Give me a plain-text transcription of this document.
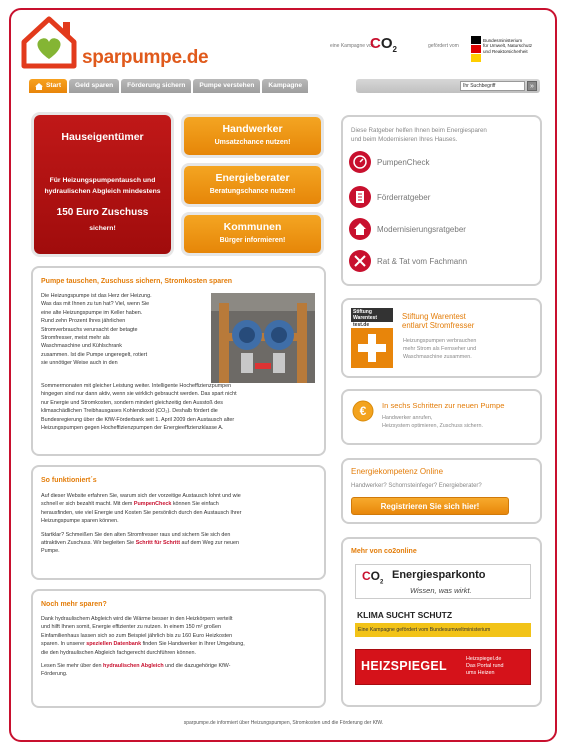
sparpumpe.de
eine Kampagne von
$CO_2$	gefördert vom
Bundesministerium
für Umwelt, Naturschutz
und Reaktorsicherheit
Start	Geld sparen	Förderung sichern	Pumpe verstehen	Kampagne
Ihr Suchbegriff	»
Hauseigentümer
Für Heizungspumpentausch und hydraulischen Abgleich mindestens
150 Euro Zuschuss
sichern!
Handwerker
Umsatzchance nutzen!
Energieberater
Beratungschance nutzen!
Kommunen
Bürger informieren!
Pumpe tauschen, Zuschuss sichern, Stromkosten sparen
Die Heizungspumpe ist das Herz der Heizung.
Was das mit Ihnen zu tun hat? Viel, wenn Sie
eine alte Heizungspumpe im Keller haben.
Rund zehn Prozent Ihres jährlichen
Stromverbrauchs verursacht der betagte
Stromfresser, meist mehr als
Waschmaschine und Kühlschrank
zusammen. Ist die Pumpe ungeregelt, rotiert
sie unnötiger Weise auch in den
Sommermonaten mit gleicher Leistung weiter. Intelligente Hocheffizienzpumpen
hingegen sind nur dann aktiv, wenn sie wirklich gebraucht werden. Das spart nicht
nur Energie und Stromkosten, sondern mindert gleichzeitig den Ausstoß des
klimaschädlichen Treibhausgases Kohlendioxid (CO₂). Deshalb fördert die
Bundesregierung über die KfW-Förderbank seit 1. April 2009 den Austausch alter
Heizungspumpen gegen Hocheffizienzpumpen der Energieeffizienzklasse A.
So funktioniert´s
Auf dieser Website erfahren Sie, warum sich der vorzeitige Austausch lohnt und wie
schnell er sich bezahlt macht. Mit dem PumpenCheck können Sie einfach
herausfinden, wie viel Energie und Kosten Sie persönlich durch den Austausch Ihrer
Heizungspumpe sparen können.
Startklar? Schmeißen Sie den alten Stromfresser raus und sichern Sie sich den
attraktiven Zuschuss. Wir begleiten Sie Schritt für Schritt auf dem Weg zur neuen
Pumpe.
Noch mehr sparen?
Dank hydraulischem Abgleich wird die Wärme besser in den Heizkörpern verteilt
und hilft Ihnen somit, Energie effizienter zu nutzen. In einem 150 m² großen
Einfamilienhaus lassen sich so zum Beispiel jährlich bis zu 160 Euro Heizkosten
sparen. In unserer speziellen Datenbank finden Sie Handwerker in Ihrer Umgebung,
die den hydraulischen Abgleich fachgerecht durchführen können.
Lesen Sie mehr über den hydraulischen Abgleich und die dazugehörige KfW-
Förderung.
Diese Ratgeber helfen Ihnen beim Energiesparen
und beim Modernisieren Ihres Hauses.
PumpenCheck
Förderratgeber
Modernisierungsratgeber
Rat & Tat vom Fachmann
Stiftung Warentest
test.de
Stiftung Warentest
entlarvt Stromfresser
Heizungspumpen verbrauchen
mehr Strom als Fernseher und
Waschmaschine zusammen.
€ In sechs Schritten zur neuen Pumpe
Handwerker anrufen,
Heizsystem optimieren, Zuschuss sichern.
Energiekompetenz Online
Handwerker? Schornsteinfeger? Energieberater?
Registrieren Sie sich hier!
Mehr von co2online
$CO_2$
Energiesparkonto
Wissen, was wirkt.
KLIMA SUCHT SCHUTZ
Eine Kampagne gefördert vom Bundesumweltministerium
HEIZSPIEGEL	Heizspiegel.de
Das Portal rund
ums Heizen
sparpumpe.de informiert über Heizungspumpen, Stromkosten und die Förderung der KfW.
